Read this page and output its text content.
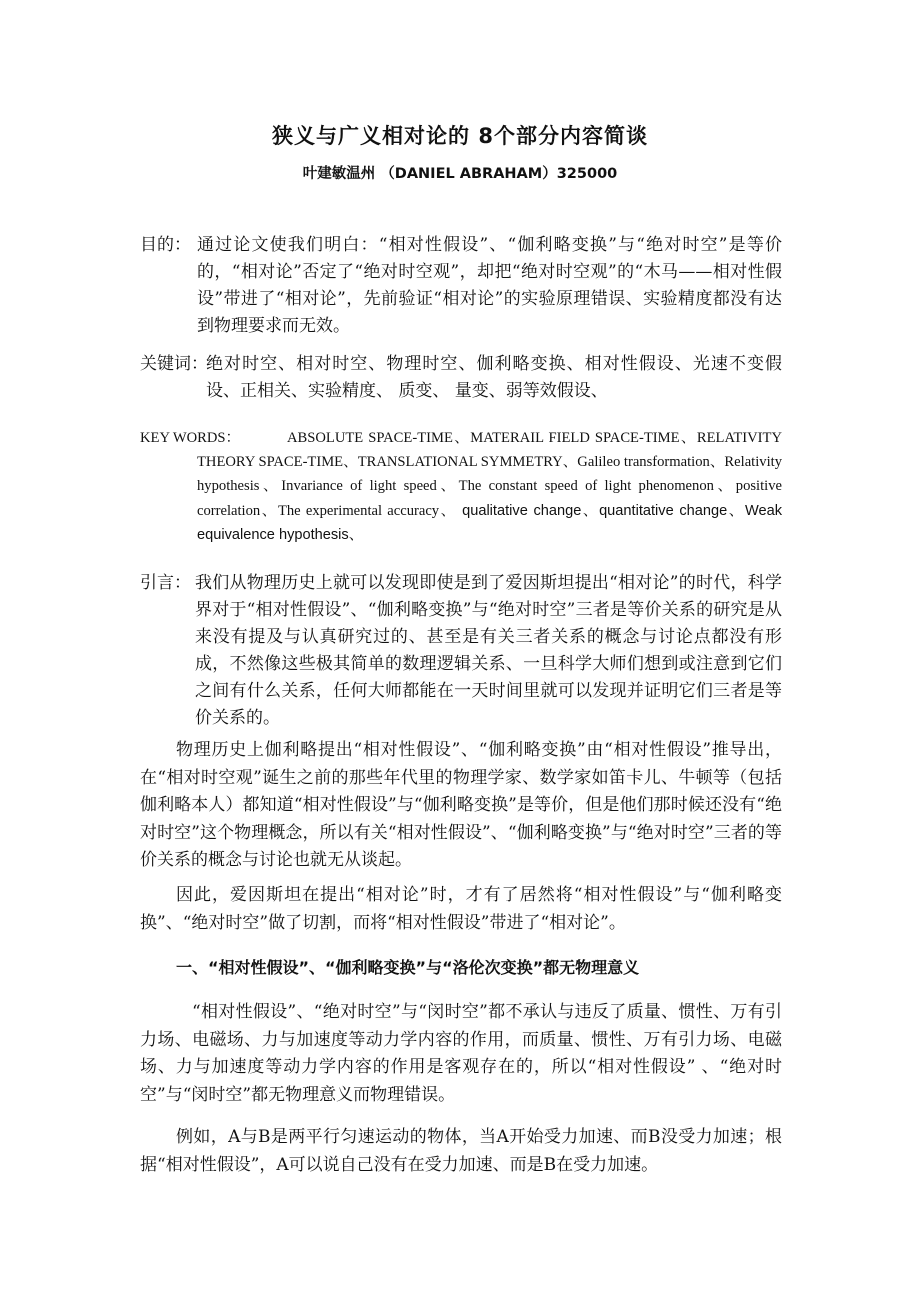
狭义与广义相对论的 8个部分内容简谈
叶建敏温州 （DANIEL ABRAHAM）325000
目的： 通过论文使我们明白：“相对性假设”、“伽利略变换”与“绝对时空”是等价的，“相对论”否定了“绝对时空观”，却把“绝对时空观”的“木马——相对性假设”带进了“相对论”，先前验证“相对论”的实验原理错误、实验精度都没有达到物理要求而无效。
关键词：
绝对时空、相对时空、物理时空、伽利略变换、相对性假设、光速不变假设、正相关、实验精度、 质变、 量变、弱等效假设、
KEY WORDS：	ABSOLUTE SPACE-TIME、MATERAIL FIELD SPACE-TIME、RELATIVITY THEORY SPACE-TIME、TRANSLATIONAL SYMMETRY、Galileo transformation、Relativity hypothesis、Invariance of light speed、The constant speed of light phenomenon、positive correlation、The experimental accuracy、 qualitative change、quantitative change、Weak equivalence hypothesis、
引言： 我们从物理历史上就可以发现即使是到了爱因斯坦提出“相对论”的时代，科学界对于“相对性假设”、“伽利略变换”与“绝对时空”三者是等价关系的研究是从来没有提及与认真研究过的、甚至是有关三者关系的概念与讨论点都没有形成，不然像这些极其简单的数理逻辑关系、一旦科学大师们想到或注意到它们之间有什么关系，任何大师都能在一天时间里就可以发现并证明它们三者是等价关系的。
物理历史上伽利略提出“相对性假设”、“伽利略变换”由“相对性假设”推导出，在“相对时空观”诞生之前的那些年代里的物理学家、数学家如笛卡儿、牛顿等（包括伽利略本人）都知道“相对性假设”与“伽利略变换”是等价，但是他们那时候还没有“绝对时空”这个物理概念，所以有关“相对性假设”、“伽利略变换”与“绝对时空”三者的等价关系的概念与讨论也就无从谈起。
因此，爱因斯坦在提出“相对论”时，才有了居然将“相对性假设”与“伽利略变换”、“绝对时空”做了切割，而将“相对性假设”带进了“相对论”。
一、“相对性假设”、“伽利略变换”与“洛伦次变换”都无物理意义
“相对性假设”、“绝对时空”与“闵时空”都不承认与违反了质量、惯性、万有引力场、电磁场、力与加速度等动力学内容的作用，而质量、惯性、万有引力场、电磁场、力与加速度等动力学内容的作用是客观存在的，所以“相对性假设” 、“绝对时空”与“闵时空”都无物理意义而物理错误。
例如，A与B是两平行匀速运动的物体，当A开始受力加速、而B没受力加速；根据“相对性假设”，A可以说自己没有在受力加速、而是B在受力加速。
